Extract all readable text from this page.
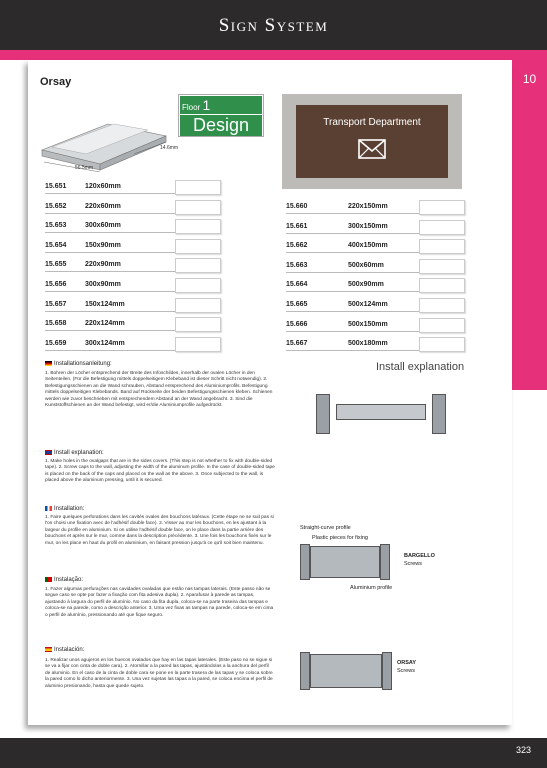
Sign System
10
Orsay
14.6mm
56.5mm
Floor 1
Design	Transport Department
15.651	120x60mm
15.652	220x60mm
15.653	300x60mm
15.654	150x90mm
15.655	220x90mm
15.656	300x90mm
15.657	150x124mm
15.658	220x124mm
15.659	300x124mm
15.660	220x150mm
15.661	300x150mm
15.662	400x150mm
15.663	500x60mm
15.664	500x90mm
15.665	500x124mm
15.666	500x150mm
15.667	500x180mm
Install explanation
Installationsanleitung:
1. Bohren der Löcher entsprechend der Breite des Infoschildes, innerhalb der ovalen Löcher in den Seitenteilen. (Für die Befestigung mittels doppelseitigem Klebeband ist dieser Schritt nicht notwendig). 2. Befestigungsschienen an die Wand schrauben, Abstand entsprechend des Aluminiumprofils. Befestigung mittels doppelseitigen Klebebands. Band auf Rückseite der beiden Befestigungsschienen kleben. Schienen werden wie zuvor beschrieben mit entsprechendem Abstand an der Wand angebracht. 3. Sind die Kunststoffschienen an der Wand befestigt, wird er/die Aluminiumprofile aufgedrückt.
Install explanation:
1. Make holes in the ovalgaps that are in the sides covers. (This step is not whether to fix with double-sided tape). 2. Screw caps to the wall, adjusting the width of the aluminum profile. In the case of double-sided tape is placed on the back of the caps and placed on the wall as the above. 3. Once subjected to the wall, is placed above the aluminum pressing, until it is secured.
Installation:
1. Faire quelques perforations dans les cavités ovales des bouchons latéraux. (Cette étape ne se suit pas si l'on choisi une fixation avec de l'adhésif double face). 2. Visser au mur les bouchons, en les ajustant à la largeur du profile en aluminium. Si on utilise l'adhésif double face, on le place dans la partie arrière des bouchons et après sur le mur, comme dans la description précédente. 3. Une fois les bouchons fixés sur le mur, on les place en haut du profil en aluminium, en faisant pression jusqu'à ce qu'il soit bien maintenu.
Instalação:
1. Fazer algumas perfurações nas cavidades ovaladas que estão nas tampas laterais. (Este passo não se segue caso se opte por fazer a fixação com fita adesiva dupla). 2. Aparafusar à parede as tampas, ajustando à largura do perfil de alumínio. No caso da fita dupla, coloca-se na parte traseira das tampas e coloca-se na parede, como a descrição anterior. 3. Uma vez fixas as tampas na parede, coloca-se em cima o perfil de alumínio, pressionando até que fique seguro.
Instalación:
1. Realizar unos agujeros en los huecos ovalados que hay en las tapas laterales. (Este paso no se sigue si se va a fijar con cinta de doble cara). 2. Atornillar a la pared las tapas, ajustándolas a la anchura del perfil de aluminio. En el caso de la cinta de doble cara se pone en la parte trasera de las tapas y se coloca sobre la pared como lo dicho anteriormente. 3. Una vez sujetas las tapas a la pared, se coloca encima el perfil de aluminio presionando, hasta que quede sujeto.
Straight-curve profile
Plastic pieces for fixing
BARGELLO
Screws
Aluminium profile
ORSAY
Screws
323
